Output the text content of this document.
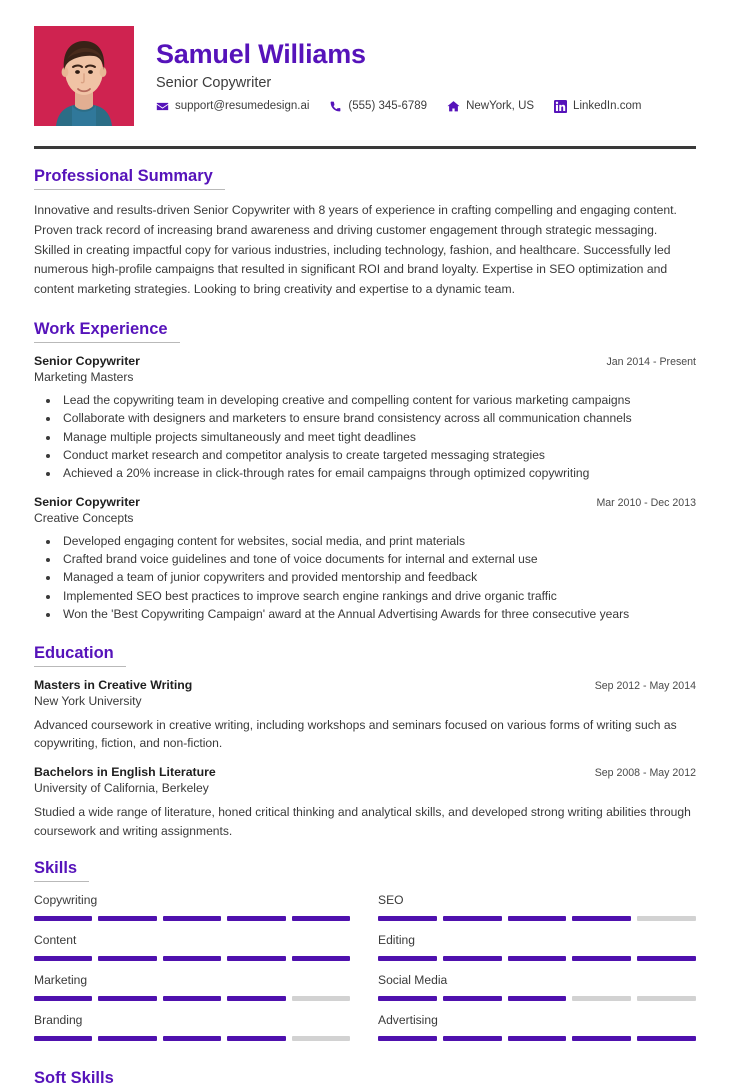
Samuel Williams
Senior Copywriter
support@resumedesign.ai	(555) 345-6789	NewYork, US	LinkedIn.com
Professional Summary
Innovative and results-driven Senior Copywriter with 8 years of experience in crafting compelling and engaging content. Proven track record of increasing brand awareness and driving customer engagement through strategic messaging. Skilled in creating impactful copy for various industries, including technology, fashion, and healthcare. Successfully led numerous high-profile campaigns that resulted in significant ROI and brand loyalty. Expertise in SEO optimization and content marketing strategies. Looking to bring creativity and expertise to a dynamic team.
Work Experience
Senior Copywriter	Jan 2014 - Present
Marketing Masters
• Lead the copywriting team in developing creative and compelling content for various marketing campaigns
• Collaborate with designers and marketers to ensure brand consistency across all communication channels
• Manage multiple projects simultaneously and meet tight deadlines
• Conduct market research and competitor analysis to create targeted messaging strategies
• Achieved a 20% increase in click-through rates for email campaigns through optimized copywriting
Senior Copywriter	Mar 2010 - Dec 2013
Creative Concepts
• Developed engaging content for websites, social media, and print materials
• Crafted brand voice guidelines and tone of voice documents for internal and external use
• Managed a team of junior copywriters and provided mentorship and feedback
• Implemented SEO best practices to improve search engine rankings and drive organic traffic
• Won the 'Best Copywriting Campaign' award at the Annual Advertising Awards for three consecutive years
Education
Masters in Creative Writing	Sep 2012 - May 2014
New York University
Advanced coursework in creative writing, including workshops and seminars focused on various forms of writing such as copywriting, fiction, and non-fiction.
Bachelors in English Literature	Sep 2008 - May 2012
University of California, Berkeley
Studied a wide range of literature, honed critical thinking and analytical skills, and developed strong writing abilities through coursework and writing assignments.
Skills
Copywriting	SEO
Content	Editing
Marketing	Social Media
Branding	Advertising
Soft Skills
